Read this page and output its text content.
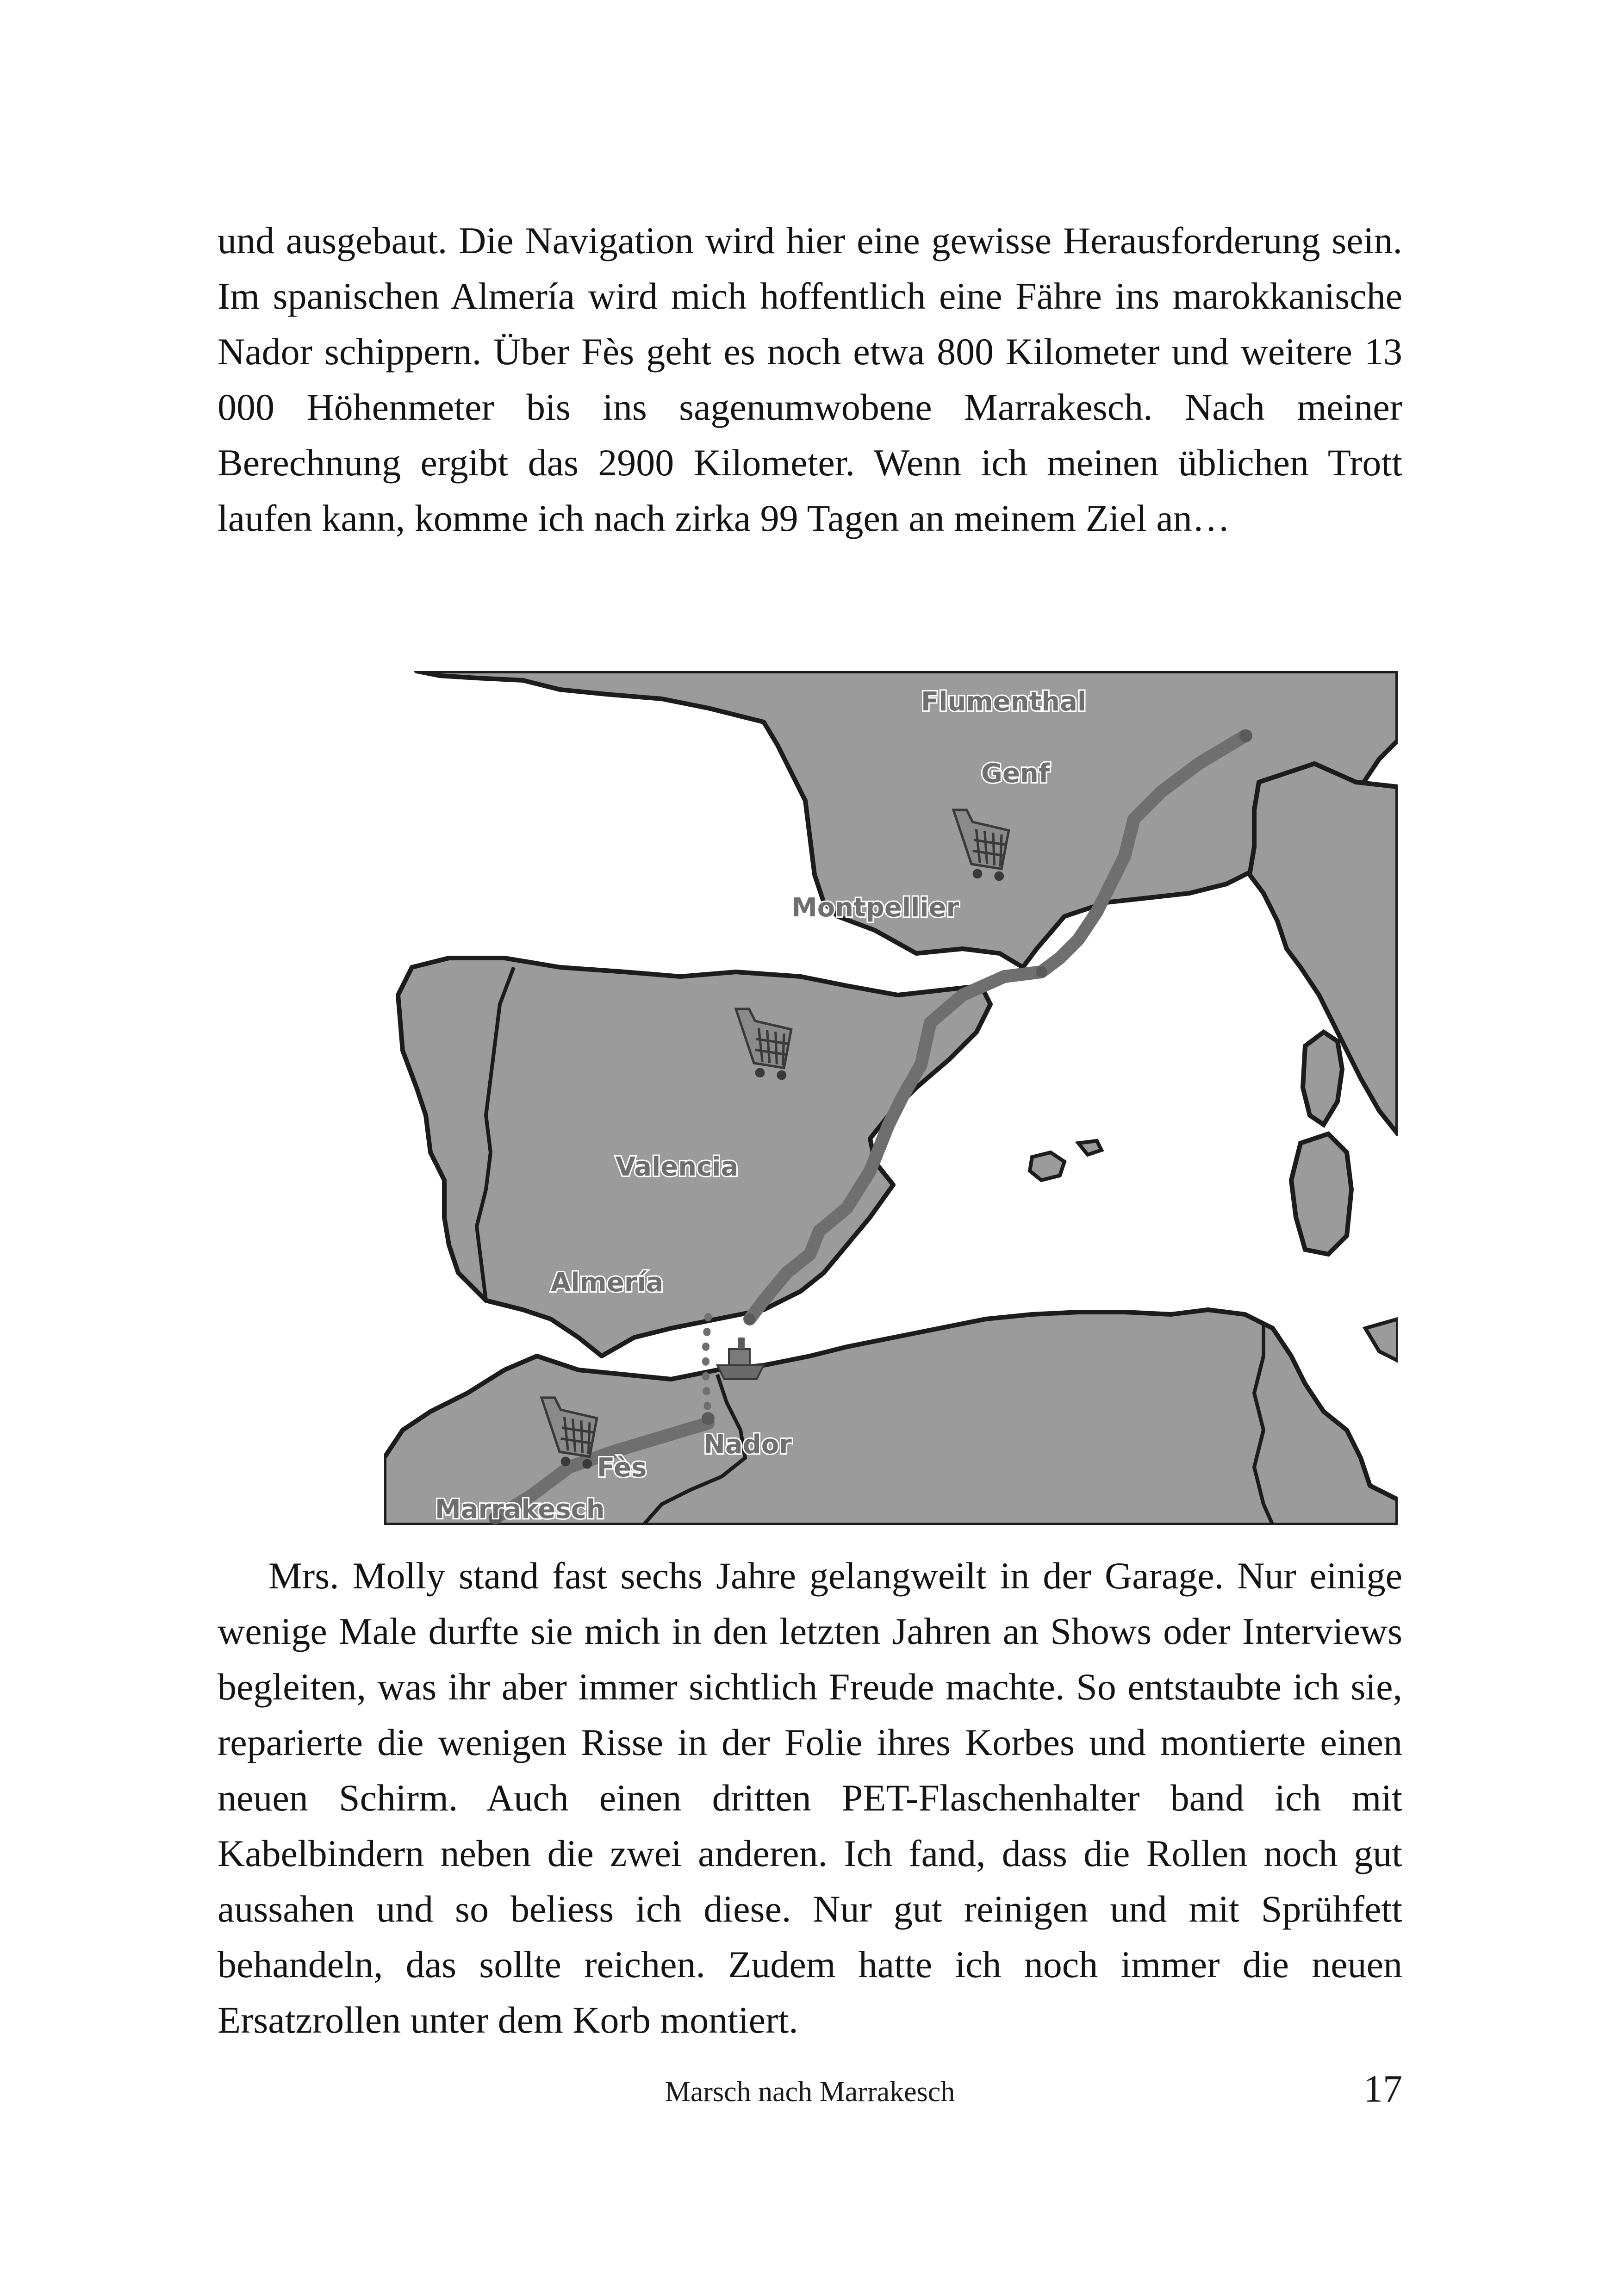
und ausgebaut. Die Navigation wird hier eine gewisse Herausforderung sein. Im spanischen Almería wird mich hoffentlich eine Fähre ins marokkanische Nador schippern. Über Fès geht es noch etwa 800 Kilometer und weitere 13 000 Höhenmeter bis ins sagenumwobene Marrakesch. Nach meiner Berechnung ergibt das 2900 Kilometer. Wenn ich meinen üblichen Trott laufen kann, komme ich nach zirka 99 Tagen an meinem Ziel an…

Flumenthal
Genf
Montpellier
Valencia
Almería
Nador
Fès
Marrakesch

Mrs. Molly stand fast sechs Jahre gelangweilt in der Garage. Nur einige wenige Male durfte sie mich in den letzten Jahren an Shows oder Interviews begleiten, was ihr aber immer sichtlich Freude machte. So entstaubte ich sie, reparierte die wenigen Risse in der Folie ihres Korbes und montierte einen neuen Schirm. Auch einen dritten PET-Flaschenhalter band ich mit Kabelbindern neben die zwei anderen. Ich fand, dass die Rollen noch gut aussahen und so beliess ich diese. Nur gut reinigen und mit Sprühfett behandeln, das sollte reichen. Zudem hatte ich noch immer die neuen Ersatzrollen unter dem Korb montiert.

Marsch nach Marrakesch	17
